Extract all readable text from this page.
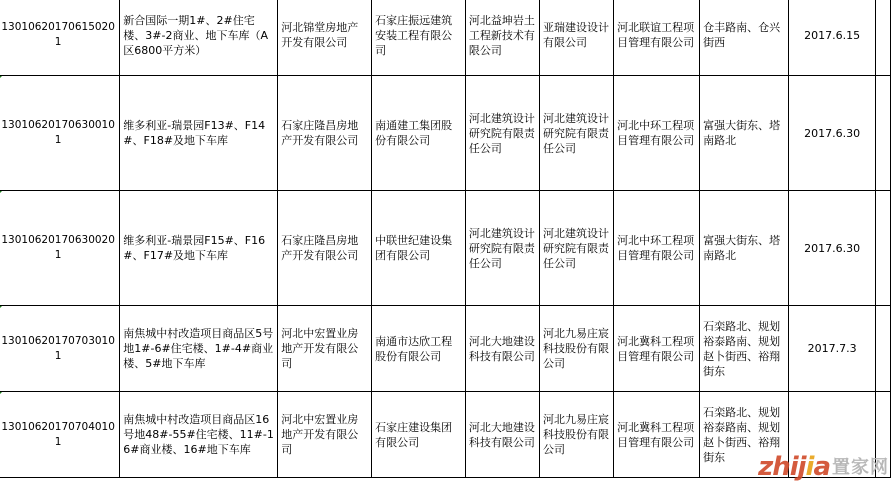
130106201706150201	新合国际一期1#、2#住宅楼、3#-2商业、地下车库（A区6800平方米）	河北锦堂房地产开发有限公司	石家庄振远建筑安装工程有限公司	河北益坤岩土工程新技术有限公司	亚瑞建设设计有限公司	河北联谊工程项目管理有限公司	仓丰路南、仓兴街西	2017.6.15	

130106201706300101	维多利亚-瑞景园F13#、F14#、F18#及地下车库	石家庄隆昌房地产开发有限公司	南通建工集团股份有限公司	河北建筑设计研究院有限责任公司	河北建筑设计研究院有限责任公司	河北中环工程项目管理有限公司	富强大街东、塔南路北	2017.6.30	

130106201706300201	维多利亚-瑞景园F15#、F16#、F17#及地下车库	石家庄隆昌房地产开发有限公司	中联世纪建设集团有限公司	河北建筑设计研究院有限责任公司	河北建筑设计研究院有限责任公司	河北中环工程项目管理有限公司	富强大街东、塔南路北	2017.6.30	

130106201707030101	南焦城中村改造项目商品区5号地1#-6#住宅楼、1#-4#商业楼、5#地下车库	河北中宏置业房地产开发有限公司	南通市达欣工程股份有限公司	河北大地建设科技有限公司	河北九易庄宸科技股份有限公司	河北冀科工程项目管理有限公司	石栾路北、规划裕泰路南、规划赵卜街西、裕翔街东	2017.7.3	

130106201707040101	南焦城中村改造项目商品区16号地48#-55#住宅楼、11#-16#商业楼、16#地下车库	河北中宏置业房地产开发有限公司	石家庄建设集团有限公司	河北大地建设科技有限公司	河北九易庄宸科技股份有限公司	河北冀科工程项目管理有限公司	石栾路北、规划裕泰路南、规划赵卜街西、裕翔街东		zhijia 置家网
